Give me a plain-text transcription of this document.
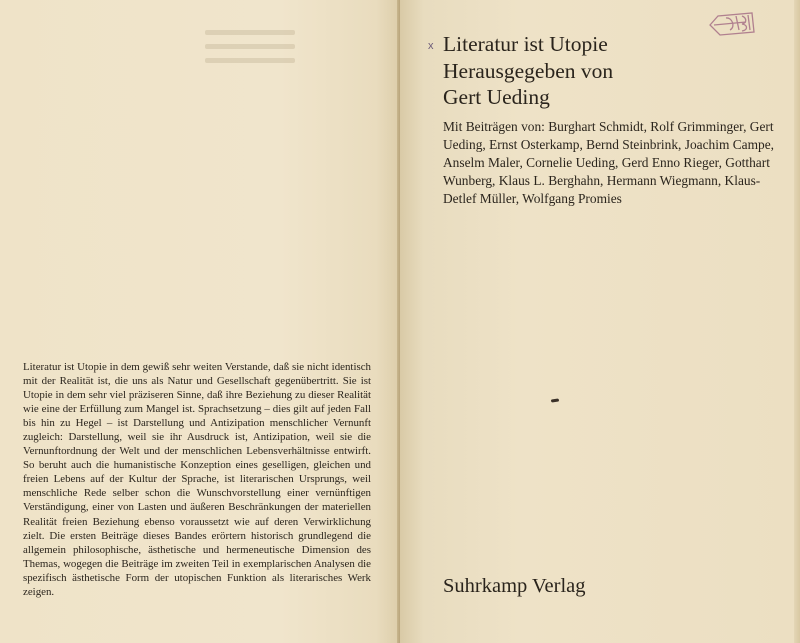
Literatur ist Utopie in dem gewiß sehr weiten Verstande, daß sie nicht identisch mit der Realität ist, die uns als Natur und Gesellschaft gegenübertritt. Sie ist Utopie in dem sehr viel präziseren Sinne, daß ihre Beziehung zu dieser Realität wie eine der Erfüllung zum Mangel ist. Sprachsetzung – dies gilt auf jeden Fall bis hin zu Hegel – ist Darstellung und Antizipation menschlicher Vernunft zugleich: Darstellung, weil sie ihr Ausdruck ist, Antizipation, weil sie die Vernunftordnung der Welt und der menschlichen Lebensverhältnisse entwirft. So beruht auch die humanistische Konzeption eines geselligen, gleichen und freien Lebens auf der Kultur der Sprache, ist literarischen Ursprungs, weil menschliche Rede selber schon die Wunschvorstellung einer vernünftigen Verständigung, einer von Lasten und äußeren Beschränkungen der materiellen Realität freien Beziehung ebenso voraussetzt wie auf deren Verwirklichung zielt. Die ersten Beiträge dieses Bandes erörtern historisch grundlegend die allgemein philosophische, ästhetische und hermeneutische Dimension des Themas, wogegen die Beiträge im zweiten Teil in exemplarischen Analysen die spezifisch ästhetische Form der utopischen Funktion als literarisches Werk zeigen.

x Literatur ist Utopie
Herausgegeben von
Gert Ueding

Mit Beiträgen von: Burghart Schmidt, Rolf Grimminger, Gert Ueding, Ernst Osterkamp, Bernd Steinbrink, Joachim Campe, Anselm Maler, Cornelie Ueding, Gerd Enno Rieger, Gotthart Wunberg, Klaus L. Berghahn, Hermann Wiegmann, Klaus-Detlef Müller, Wolfgang Promies

Suhrkamp Verlag
